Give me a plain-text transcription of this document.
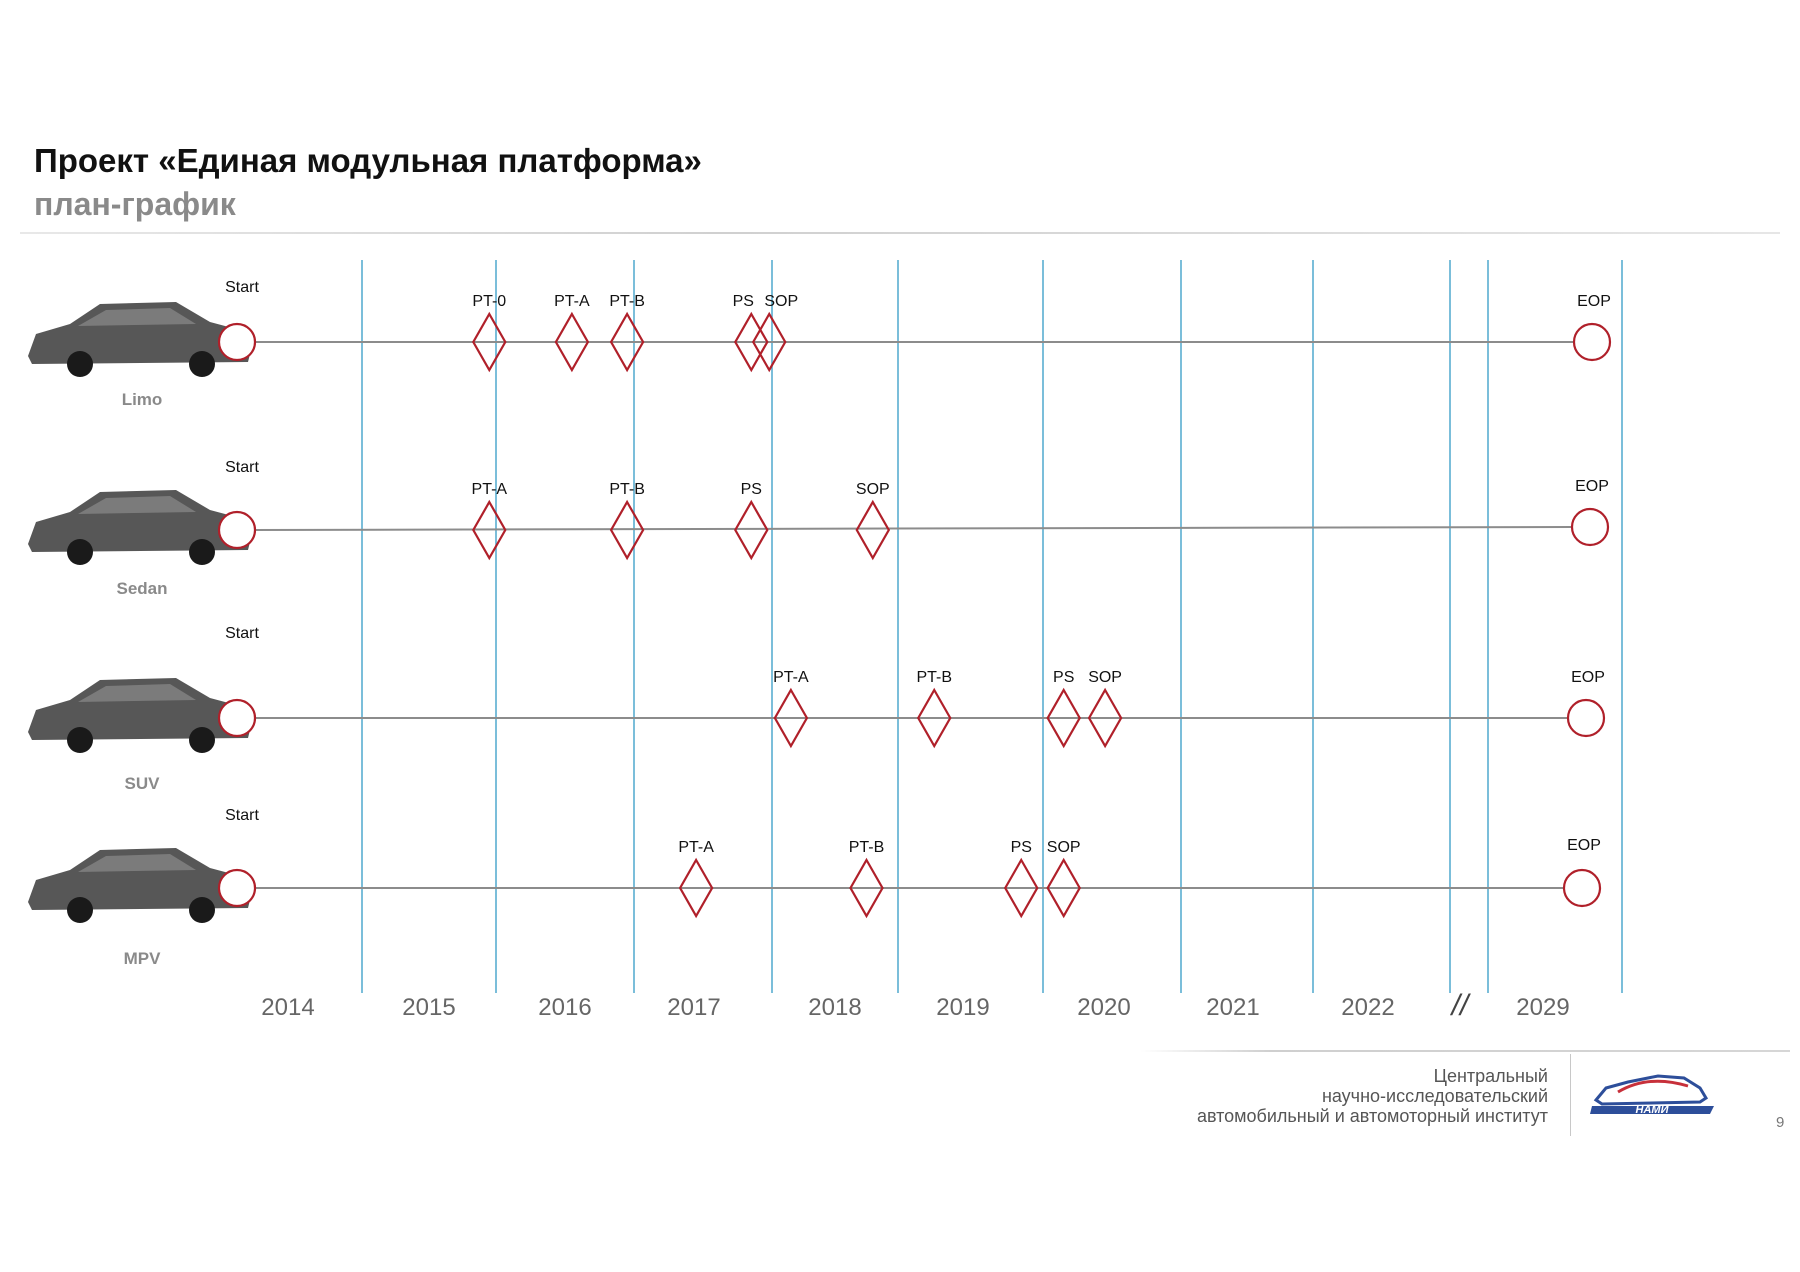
Проект «Единая модульная платформа»
план-график
2014	2015	2016	2017	2018	2019	2020	2021	2022	2029
//
Limo
Start
EOP
PT-0	PT-A PT-B	PS SOP
Sedan
Start
EOP
PT-A	PT-B	PS	SOP
SUV
Start
EOP
PT-A	PT-B	PS SOP
MPV
Start
EOP
PT-A	PT-B	PS SOP
Центральный
научно-исследовательский
автомобильный и автомоторный институт	НАМИ
9
